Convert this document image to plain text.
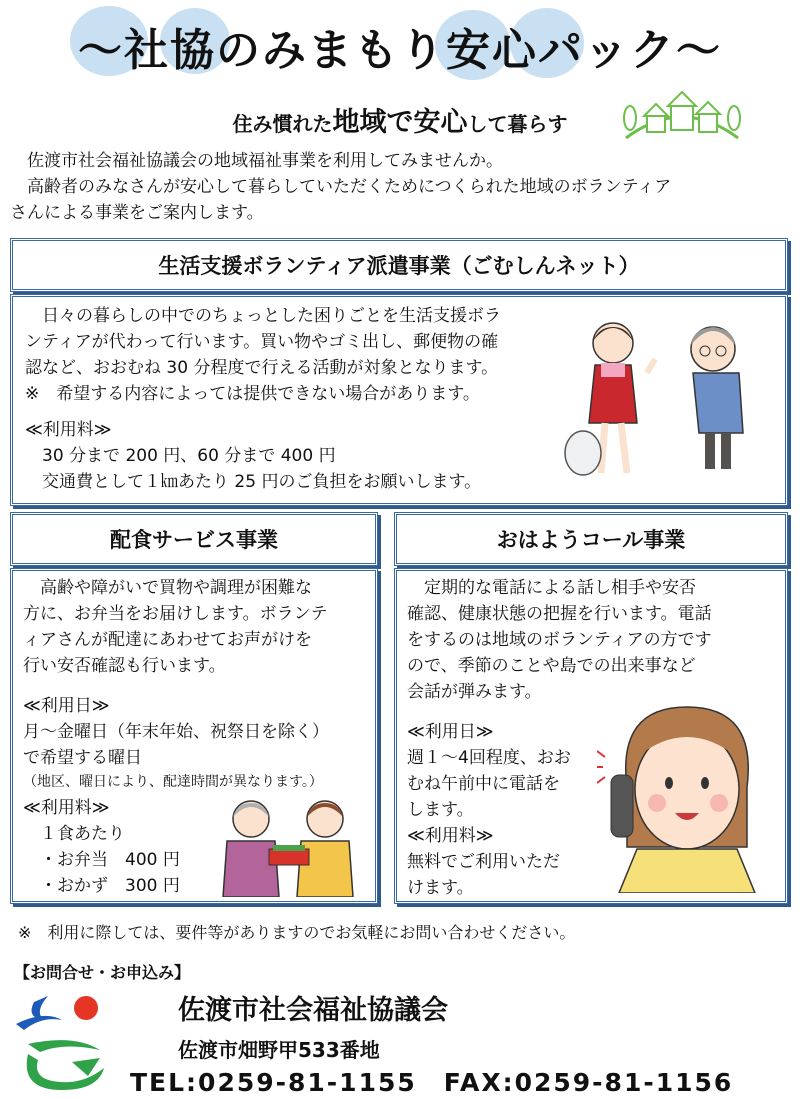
～社協のみまもり安心パック～
住み慣れた地域で安心して暮らす
　佐渡市社会福祉協議会の地域福祉事業を利用してみませんか。
　高齢者のみなさんが安心して暮らしていただくためにつくられた地域のボランティア
さんによる事業をご案内します。
生活支援ボランティア派遣事業（ごむしんネット）
　日々の暮らしの中でのちょっとした困りごとを生活支援ボラ
ンティアが代わって行います。買い物やゴミ出し、郵便物の確
認など、おおむね 30 分程度で行える活動が対象となります。
※　希望する内容によっては提供できない場合があります。
≪利用料≫
　30 分まで 200 円、60 分まで 400 円
　交通費として１㎞あたり 25 円のご負担をお願いします。
配食サービス事業	おはようコール事業
　高齢や障がいで買物や調理が困難な
方に、お弁当をお届けします。ボランテ
ィアさんが配達にあわせてお声がけを
行い安否確認も行います。
≪利用日≫
月～金曜日（年末年始、祝祭日を除く）
で希望する曜日
（地区、曜日により、配達時間が異なります。）
≪利用料≫
　１食あたり
　・お弁当　400 円
　・おかず　300 円
　定期的な電話による話し相手や安否
確認、健康状態の把握を行います。電話
をするのは地域のボランティアの方です
ので、季節のことや島での出来事など
会話が弾みます。
≪利用日≫
週１～4回程度、おお
むね午前中に電話を
します。
≪利用料≫
無料でご利用いただ
けます。
※　利用に際しては、要件等がありますのでお気軽にお問い合わせください。
【お問合せ・お申込み】
佐渡市社会福祉協議会
佐渡市畑野甲533番地
TEL:0259-81-1155　FAX:0259-81-1156
